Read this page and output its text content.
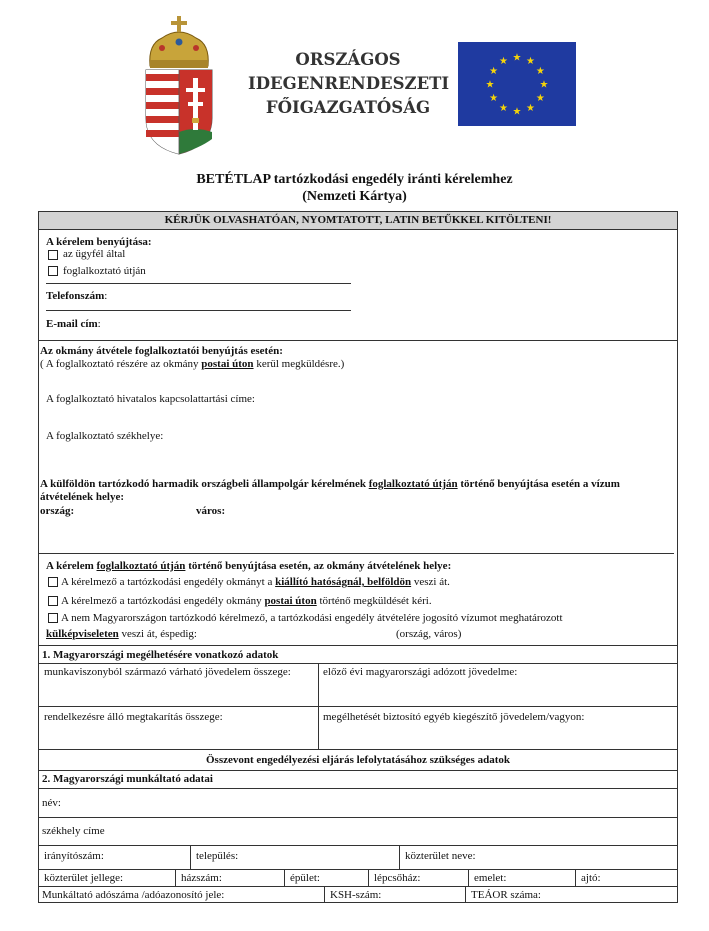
ORSZÁGOS
IDEGENRENDESZETI
FŐIGAZGATÓSÁG
★ ★
★
★
★
★
★
★
★
★
★
★
BETÉTLAP tartózkodási engedély iránti kérelemhez
(Nemzeti Kártya)
KÉRJÜK OLVASHATÓAN, NYOMTATOTT, LATIN BETŰKKEL KITÖLTENI!
A kérelem benyújtása:
az ügyfél által
foglalkoztató útján
Telefonszám:
E-mail cím:
Az okmány átvétele foglalkoztatói benyújtás esetén:
( A foglalkoztató részére az okmány postai úton kerül megküldésre.)
A foglalkoztató hivatalos kapcsolattartási címe:
A foglalkoztató székhelye:
A külföldön tartózkodó harmadik országbeli állampolgár kérelmének foglalkoztató útján történő benyújtása esetén a vízum
átvételének helye:
ország:	város:
A kérelem foglalkoztató útján történő benyújtása esetén, az okmány átvételének helye:
A kérelmező a tartózkodási engedély okmányt a kiállító hatóságnál, belföldön veszi át.
A kérelmező a tartózkodási engedély okmány postai úton történő megküldését kéri.
A nem Magyarországon tartózkodó kérelmező, a tartózkodási engedély átvételére jogosító vízumot meghatározott
külképviseleten veszi át, éspedig:	(ország, város)
1. Magyarországi megélhetésére vonatkozó adatok
munkaviszonyból származó várható jövedelem összege:	előző évi magyarországi adózott jövedelme:
rendelkezésre álló megtakarítás összege:	megélhetését biztosító egyéb kiegészítő jövedelem/vagyon:
Összevont engedélyezési eljárás lefolytatásához szükséges adatok
2. Magyarországi munkáltató adatai
név:
székhely címe
irányítószám:	település:	közterület neve:
közterület jellege:	házszám:	épület:	lépcsőház:	emelet:	ajtó:
Munkáltató adószáma /adóazonosító jele:	KSH-szám:	TEÁOR száma:
